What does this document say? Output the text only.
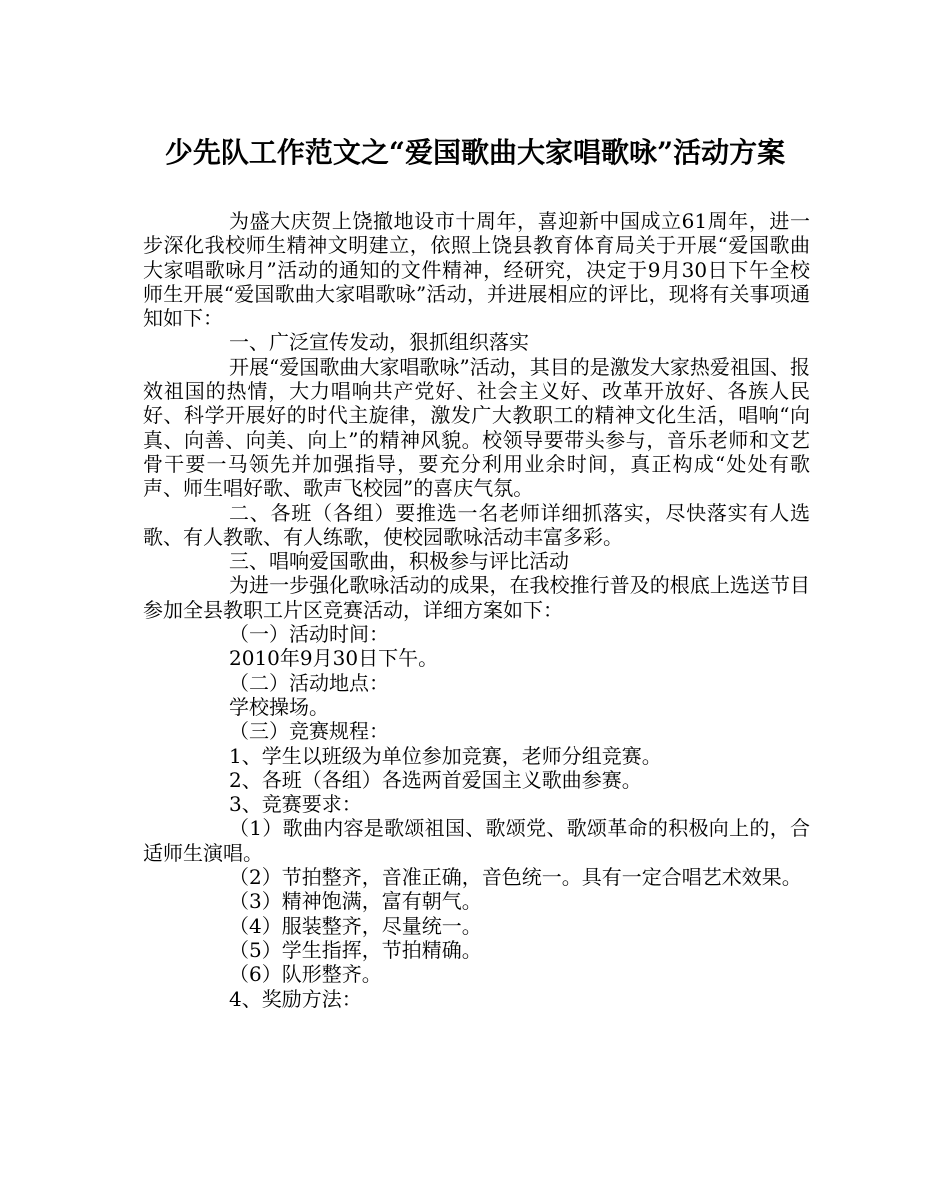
少先队工作范文之“爱国歌曲大家唱歌咏”活动方案

为盛大庆贺上饶撤地设市十周年，喜迎新中国成立61周年，进一步深化我校师生精神文明建立，依照上饶县教育体育局关于开展“爱国歌曲大家唱歌咏月”活动的通知的文件精神，经研究，决定于9月30日下午全校师生开展“爱国歌曲大家唱歌咏”活动，并进展相应的评比，现将有关事项通知如下：

一、广泛宣传发动，狠抓组织落实

开展“爱国歌曲大家唱歌咏”活动，其目的是激发大家热爱祖国、报效祖国的热情，大力唱响共产党好、社会主义好、改革开放好、各族人民好、科学开展好的时代主旋律，激发广大教职工的精神文化生活，唱响“向真、向善、向美、向上”的精神风貌。校领导要带头参与，音乐老师和文艺骨干要一马领先并加强指导，要充分利用业余时间，真正构成“处处有歌声、师生唱好歌、歌声飞校园”的喜庆气氛。

二、各班（各组）要推选一名老师详细抓落实，尽快落实有人选歌、有人教歌、有人练歌，使校园歌咏活动丰富多彩。

三、唱响爱国歌曲，积极参与评比活动

为进一步强化歌咏活动的成果，在我校推行普及的根底上选送节目参加全县教职工片区竞赛活动，详细方案如下：

（一）活动时间：

2010年9月30日下午。

（二）活动地点：

学校操场。

（三）竞赛规程：

1、学生以班级为单位参加竞赛，老师分组竞赛。

2、各班（各组）各选两首爱国主义歌曲参赛。

3、竞赛要求：

（1）歌曲内容是歌颂祖国、歌颂党、歌颂革命的积极向上的，合适师生演唱。

（2）节拍整齐，音准正确，音色统一。具有一定合唱艺术效果。

（3）精神饱满，富有朝气。

（4）服装整齐，尽量统一。

（5）学生指挥，节拍精确。

（6）队形整齐。

4、奖励方法：
